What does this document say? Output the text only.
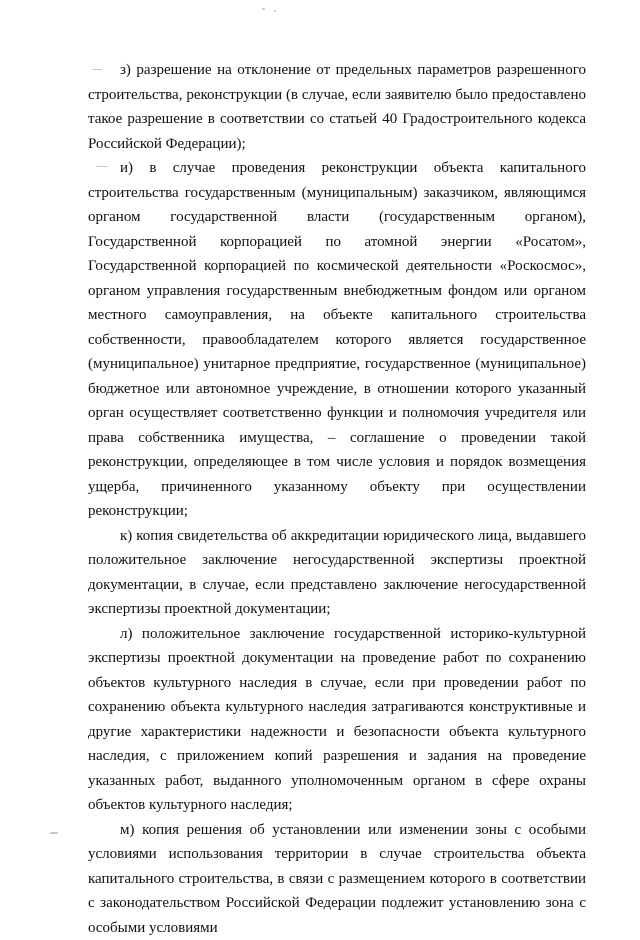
з) разрешение на отклонение от предельных параметров разрешенного строительства, реконструкции (в случае, если заявителю было предоставлено такое разрешение в соответствии со статьей 40 Градостроительного кодекса Российской Федерации);

и) в случае проведения реконструкции объекта капитального строительства государственным (муниципальным) заказчиком, являющимся органом государственной власти (государственным органом), Государственной корпорацией по атомной энергии «Росатом», Государственной корпорацией по космической деятельности «Роскосмос», органом управления государственным внебюджетным фондом или органом местного самоуправления, на объекте капитального строительства собственности, правообладателем которого является государственное (муниципальное) унитарное предприятие, государственное (муниципальное) бюджетное или автономное учреждение, в отношении которого указанный орган осуществляет соответственно функции и полномочия учредителя или права собственника имущества, – соглашение о проведении такой реконструкции, определяющее в том числе условия и порядок возмещения ущерба, причиненного указанному объекту при осуществлении реконструкции;

к) копия свидетельства об аккредитации юридического лица, выдавшего положительное заключение негосударственной экспертизы проектной документации, в случае, если представлено заключение негосударственной экспертизы проектной документации;

л) положительное заключение государственной историко-культурной экспертизы проектной документации на проведение работ по сохранению объектов культурного наследия в случае, если при проведении работ по сохранению объекта культурного наследия затрагиваются конструктивные и другие характеристики надежности и безопасности объекта культурного наследия, с приложением копий разрешения и задания на проведение указанных работ, выданного уполномоченным органом в сфере охраны объектов культурного наследия;

м) копия решения об установлении или изменении зоны с особыми условиями использования территории в случае строительства объекта капитального строительства, в связи с размещением которого в соответствии с законодательством Российской Федерации подлежит установлению зона с особыми условиями
